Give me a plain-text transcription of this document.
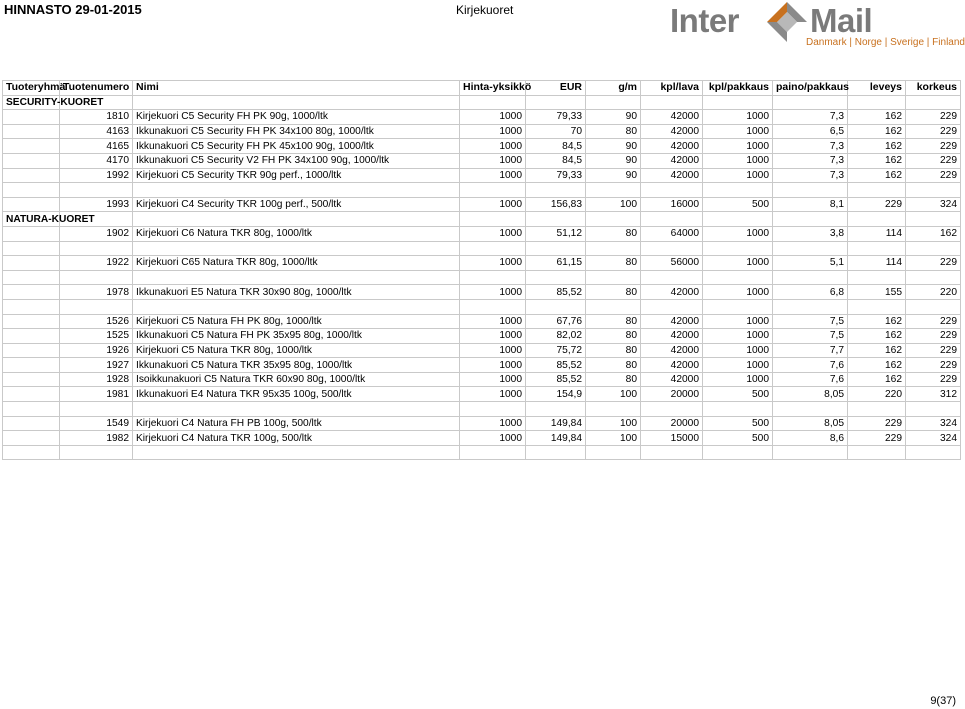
HINNASTO 29-01-2015	Kirjekuoret	Inter Mail
Danmark | Norge | Sverige | Finland
Tuoteryhmä	Tuotenumero	Nimi	Hinta-yksikkö	EUR	g/m	kpl/lava	kpl/pakkaus	paino/pakkaus	leveys	korkeus
SECURITY-KUORET										
	1810	Kirjekuori C5 Security FH PK 90g, 1000/ltk	1000	79,33	90	42000	1000	7,3	162	229
	4163	Ikkunakuori C5 Security FH PK 34x100 80g, 1000/ltk	1000	70	80	42000	1000	6,5	162	229
	4165	Ikkunakuori C5 Security FH PK 45x100 90g, 1000/ltk	1000	84,5	90	42000	1000	7,3	162	229
	4170	Ikkunakuori C5 Security V2 FH PK 34x100 90g, 1000/ltk	1000	84,5	90	42000	1000	7,3	162	229
	1992	Kirjekuori C5 Security TKR 90g perf., 1000/ltk	1000	79,33	90	42000	1000	7,3	162	229

	1993	Kirjekuori C4 Security TKR 100g perf., 500/ltk	1000	156,83	100	16000	500	8,1	229	324
NATURA-KUORET										
	1902	Kirjekuori C6 Natura TKR 80g, 1000/ltk	1000	51,12	80	64000	1000	3,8	114	162

	1922	Kirjekuori C65 Natura TKR 80g, 1000/ltk	1000	61,15	80	56000	1000	5,1	114	229

	1978	Ikkunakuori E5 Natura TKR 30x90 80g, 1000/ltk	1000	85,52	80	42000	1000	6,8	155	220

	1526	Kirjekuori C5 Natura FH PK 80g, 1000/ltk	1000	67,76	80	42000	1000	7,5	162	229
	1525	Ikkunakuori C5 Natura FH PK 35x95 80g, 1000/ltk	1000	82,02	80	42000	1000	7,5	162	229
	1926	Kirjekuori C5 Natura TKR 80g, 1000/ltk	1000	75,72	80	42000	1000	7,7	162	229
	1927	Ikkunakuori C5 Natura TKR 35x95 80g, 1000/ltk	1000	85,52	80	42000	1000	7,6	162	229
	1928	Isoikkunakuori C5 Natura TKR 60x90 80g, 1000/ltk	1000	85,52	80	42000	1000	7,6	162	229
	1981	Ikkunakuori E4 Natura TKR 95x35 100g, 500/ltk	1000	154,9	100	20000	500	8,05	220	312

	1549	Kirjekuori C4 Natura FH PB 100g, 500/ltk	1000	149,84	100	20000	500	8,05	229	324
	1982	Kirjekuori C4 Natura TKR 100g, 500/ltk	1000	149,84	100	15000	500	8,6	229	324

9(37)
